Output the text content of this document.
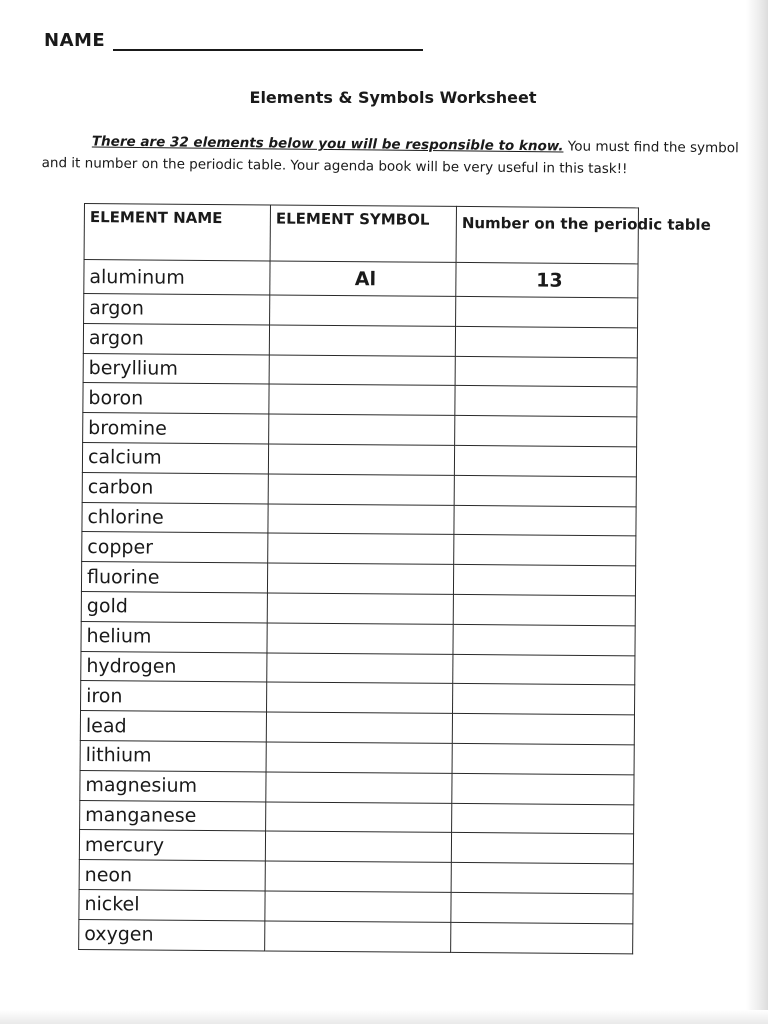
NAME
Elements & Symbols Worksheet
There are 32 elements below you will be responsible to know. You must find the symbol
and it number on the periodic table. Your agenda book will be very useful in this task!!
ELEMENT NAME	ELEMENT SYMBOL	Number on the periodic table
aluminum	Al	13
argon		
argon		
beryllium		
boron		
bromine		
calcium		
carbon		
chlorine		
copper		
fluorine		
gold		
helium		
hydrogen		
iron		
lead		
lithium		
magnesium		
manganese		
mercury		
neon		
nickel		
oxygen		
